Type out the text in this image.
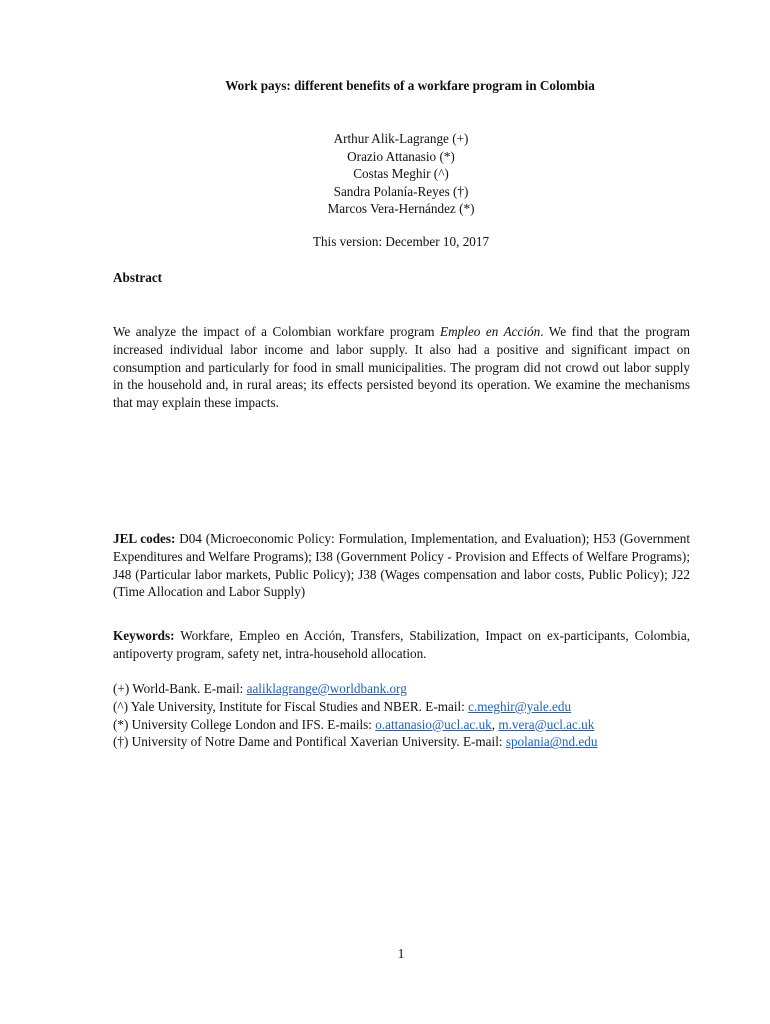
Work pays: different benefits of a workfare program in Colombia
Arthur Alik-Lagrange (+)
Orazio Attanasio (*)
Costas Meghir (^)
Sandra Polanía-Reyes (†)
Marcos Vera-Hernández (*)
This version: December 10, 2017
Abstract
We analyze the impact of a Colombian workfare program Empleo en Acción. We find that the program increased individual labor income and labor supply. It also had a positive and significant impact on consumption and particularly for food in small municipalities. The program did not crowd out labor supply in the household and, in rural areas; its effects persisted beyond its operation. We examine the mechanisms that may explain these impacts.
JEL codes: D04 (Microeconomic Policy: Formulation, Implementation, and Evaluation); H53 (Government Expenditures and Welfare Programs); I38 (Government Policy - Provision and Effects of Welfare Programs); J48 (Particular labor markets, Public Policy); J38 (Wages compensation and labor costs, Public Policy); J22 (Time Allocation and Labor Supply)
Keywords: Workfare, Empleo en Acción, Transfers, Stabilization, Impact on ex-participants, Colombia, antipoverty program, safety net, intra-household allocation.
(+) World-Bank. E-mail: aaliklagrange@worldbank.org
(^) Yale University, Institute for Fiscal Studies and NBER. E-mail: c.meghir@yale.edu
(*) University College London and IFS. E-mails: o.attanasio@ucl.ac.uk, m.vera@ucl.ac.uk
(†) University of Notre Dame and Pontifical Xaverian University. E-mail: spolania@nd.edu
1
